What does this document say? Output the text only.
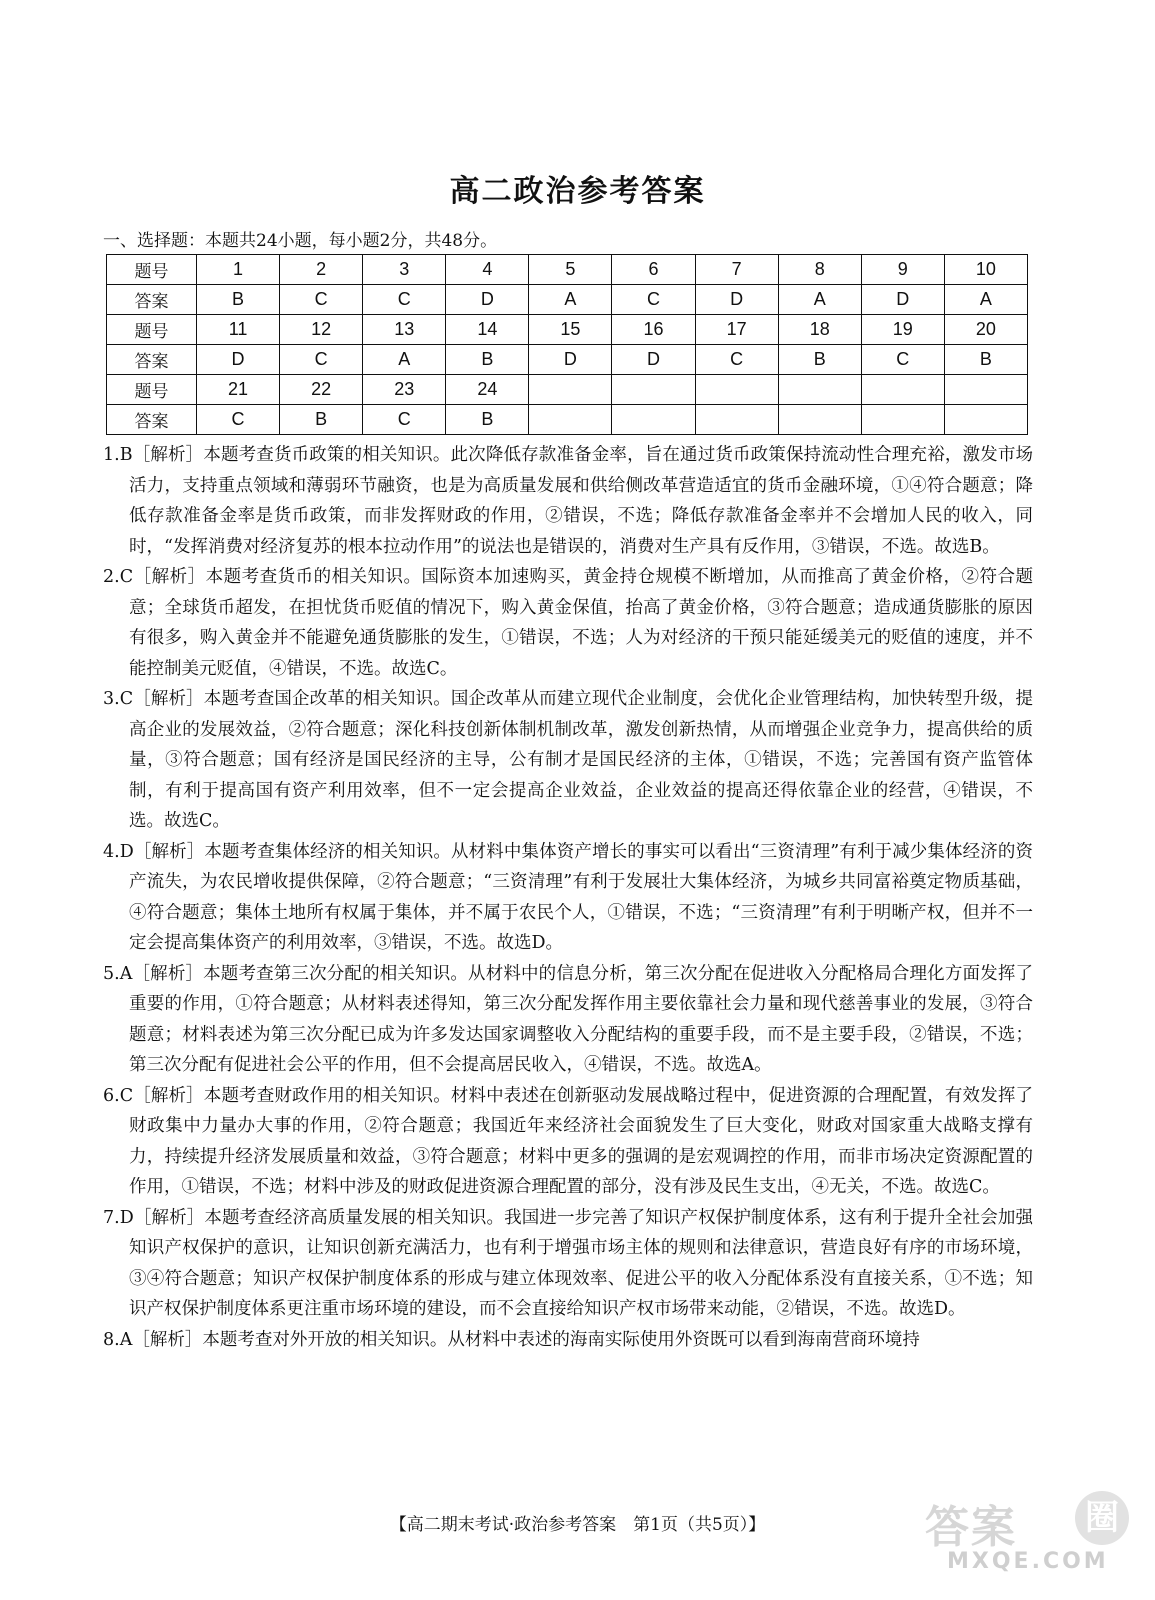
高二政治参考答案
一、选择题：本题共24小题，每小题2分，共48分。
题号	1	2	3	4	5	6	7	8	9	10
答案	B	C	C	D	A	C	D	A	D	A
题号	11	12	13	14	15	16	17	18	19	20
答案	D	C	A	B	D	D	C	B	C	B
题号	21	22	23	24						
答案	C	B	C	B						

1.B［解析］本题考查货币政策的相关知识。此次降低存款准备金率，旨在通过货币政策保持流动性合理充裕，激发市场活力，支持重点领域和薄弱环节融资，也是为高质量发展和供给侧改革营造适宜的货币金融环境，①④符合题意；降低存款准备金率是货币政策，而非发挥财政的作用，②错误，不选；降低存款准备金率并不会增加人民的收入，同时，“发挥消费对经济复苏的根本拉动作用”的说法也是错误的，消费对生产具有反作用，③错误，不选。故选B。

2.C［解析］本题考查货币的相关知识。国际资本加速购买，黄金持仓规模不断增加，从而推高了黄金价格，②符合题意；全球货币超发，在担忧货币贬值的情况下，购入黄金保值，抬高了黄金价格，③符合题意；造成通货膨胀的原因有很多，购入黄金并不能避免通货膨胀的发生，①错误，不选；人为对经济的干预只能延缓美元的贬值的速度，并不能控制美元贬值，④错误，不选。故选C。

3.C［解析］本题考查国企改革的相关知识。国企改革从而建立现代企业制度，会优化企业管理结构，加快转型升级，提高企业的发展效益，②符合题意；深化科技创新体制机制改革，激发创新热情，从而增强企业竞争力，提高供给的质量，③符合题意；国有经济是国民经济的主导，公有制才是国民经济的主体，①错误，不选；完善国有资产监管体制，有利于提高国有资产利用效率，但不一定会提高企业效益，企业效益的提高还得依靠企业的经营，④错误，不选。故选C。

4.D［解析］本题考查集体经济的相关知识。从材料中集体资产增长的事实可以看出“三资清理”有利于减少集体经济的资产流失，为农民增收提供保障，②符合题意；“三资清理”有利于发展壮大集体经济，为城乡共同富裕奠定物质基础，④符合题意；集体土地所有权属于集体，并不属于农民个人，①错误，不选；“三资清理”有利于明晰产权，但并不一定会提高集体资产的利用效率，③错误，不选。故选D。

5.A［解析］本题考查第三次分配的相关知识。从材料中的信息分析，第三次分配在促进收入分配格局合理化方面发挥了重要的作用，①符合题意；从材料表述得知，第三次分配发挥作用主要依靠社会力量和现代慈善事业的发展，③符合题意；材料表述为第三次分配已成为许多发达国家调整收入分配结构的重要手段，而不是主要手段，②错误，不选；第三次分配有促进社会公平的作用，但不会提高居民收入，④错误，不选。故选A。

6.C［解析］本题考查财政作用的相关知识。材料中表述在创新驱动发展战略过程中，促进资源的合理配置，有效发挥了财政集中力量办大事的作用，②符合题意；我国近年来经济社会面貌发生了巨大变化，财政对国家重大战略支撑有力，持续提升经济发展质量和效益，③符合题意；材料中更多的强调的是宏观调控的作用，而非市场决定资源配置的作用，①错误，不选；材料中涉及的财政促进资源合理配置的部分，没有涉及民生支出，④无关，不选。故选C。

7.D［解析］本题考查经济高质量发展的相关知识。我国进一步完善了知识产权保护制度体系，这有利于提升全社会加强知识产权保护的意识，让知识创新充满活力，也有利于增强市场主体的规则和法律意识，营造良好有序的市场环境，③④符合题意；知识产权保护制度体系的形成与建立体现效率、促进公平的收入分配体系没有直接关系，①不选；知识产权保护制度体系更注重市场环境的建设，而不会直接给知识产权市场带来动能，②错误，不选。故选D。

8.A［解析］本题考查对外开放的相关知识。从材料中表述的海南实际使用外资既可以看到海南营商环境持

【高二期末考试·政治参考答案　第1页（共5页）】	答案	圈
MXQE.COM
